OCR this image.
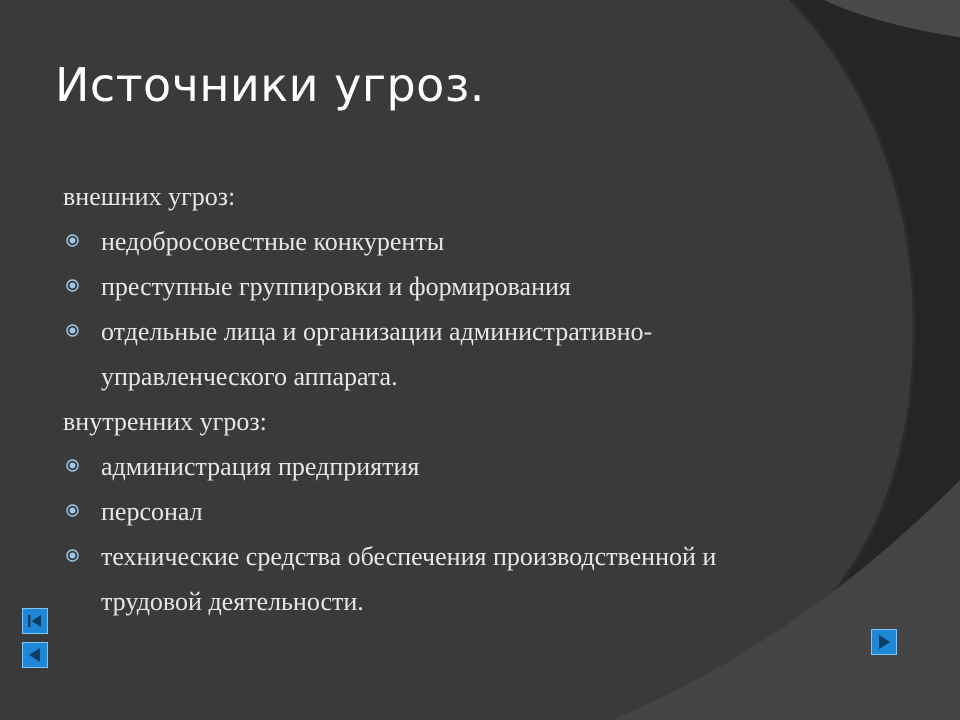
Источники угроз.
внешних угроз:
недобросовестные конкуренты
преступные группировки и формирования
отдельные лица и организации административно-управленческого аппарата.
внутренних угроз:
администрация предприятия
персонал
технические средства обеспечения производственной и трудовой деятельности.
